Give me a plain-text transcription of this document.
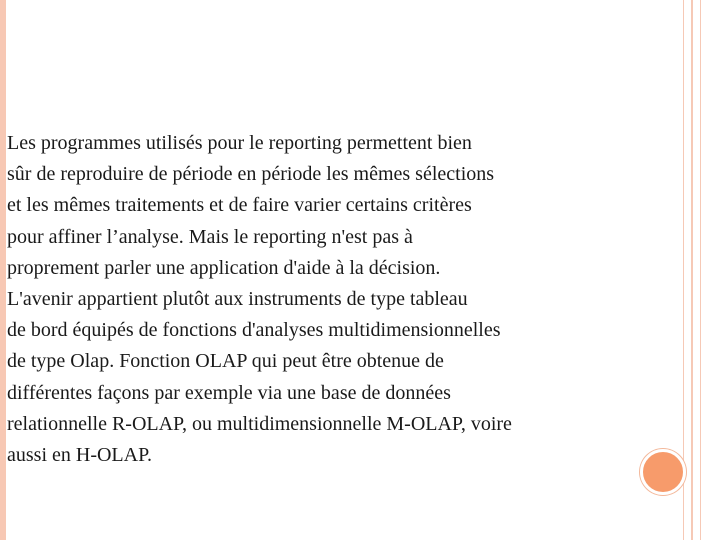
Les programmes utilisés pour le reporting permettent bien
sûr de reproduire de période en période les mêmes sélections
et les mêmes traitements et de faire varier certains critères
pour affiner l’analyse. Mais le reporting n'est pas à
proprement parler une application d'aide à la décision.
L'avenir appartient plutôt aux instruments de type tableau
de bord équipés de fonctions d'analyses multidimensionnelles
de type Olap. Fonction OLAP qui peut être obtenue de
différentes façons par exemple via une base de données
relationnelle R-OLAP, ou multidimensionnelle M-OLAP, voire
aussi en H-OLAP.
